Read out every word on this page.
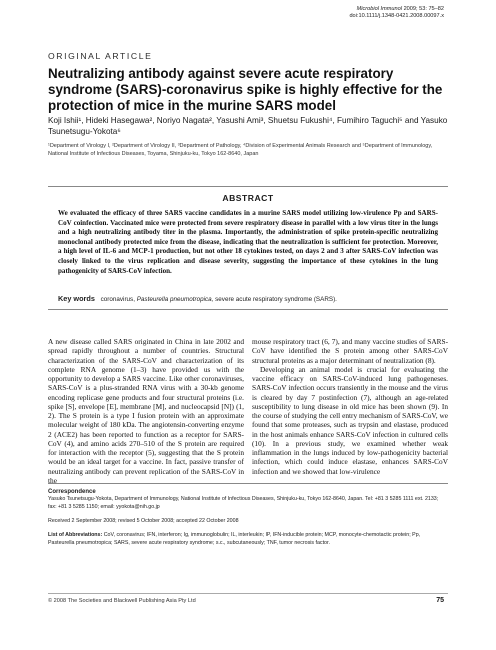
Microbiol Immunol 2009; 53: 75–82
doi:10.1111/j.1348-0421.2008.00097.x
ORIGINAL ARTICLE
Neutralizing antibody against severe acute respiratory syndrome (SARS)-coronavirus spike is highly effective for the protection of mice in the murine SARS model
Koji Ishii¹, Hideki Hasegawa², Noriyo Nagata², Yasushi Ami³, Shuetsu Fukushi⁴, Fumihiro Taguchi⁵ and Yasuko Tsunetsugu-Yokota⁶
¹Department of Virology I, ²Department of Virology II, ³Department of Pathology, ⁴Division of Experimental Animals Research and ⁵Department of Immunology, National Institute of Infectious Diseases, Toyama, Shinjuku-ku, Tokyo 162-8640, Japan
ABSTRACT
We evaluated the efficacy of three SARS vaccine candidates in a murine SARS model utilizing low-virulence Pp and SARS-CoV coinfection. Vaccinated mice were protected from severe respiratory disease in parallel with a low virus titer in the lungs and a high neutralizing antibody titer in the plasma. Importantly, the administration of spike protein-specific neutralizing monoclonal antibody protected mice from the disease, indicating that the neutralization is sufficient for protection. Moreover, a high level of IL-6 and MCP-1 production, but not other 18 cytokines tested, on days 2 and 3 after SARS-CoV infection was closely linked to the virus replication and disease severity, suggesting the importance of these cytokines in the lung pathogenicity of SARS-CoV infection.
Key words coronavirus, Pasteurella pneumotropica, severe acute respiratory syndrome (SARS).

A new disease called SARS originated in China in late 2002 and spread rapidly throughout a number of countries. Structural characterization of the SARS-CoV and characterization of its complete RNA genome (1–3) have provided us with the opportunity to develop a SARS vaccine. Like other coronaviruses, SARS-CoV is a plus-stranded RNA virus with a 30-kb genome encoding replicase gene products and four structural proteins (i.e. spike [S], envelope [E], membrane [M], and nucleocapsid [N]) (1, 2). The S protein is a type I fusion protein with an approximate molecular weight of 180 kDa. The angiotensin-converting enzyme 2 (ACE2) has been reported to function as a receptor for SARS-CoV (4), and amino acids 270–510 of the S protein are required for interaction with the receptor (5), suggesting that the S protein would be an ideal target for a vaccine. In fact, passive transfer of neutralizing antibody can prevent replication of the SARS-CoV in the

mouse respiratory tract (6, 7), and many vaccine studies of SARS-CoV have identified the S protein among other SARS-CoV structural proteins as a major determinant of neutralization (8).

Developing an animal model is crucial for evaluating the vaccine efficacy on SARS-CoV-induced lung pathogeneses. SARS-CoV infection occurs transiently in the mouse and the virus is cleared by day 7 postinfection (7), although an age-related susceptibility to lung disease in old mice has been shown (9). In the course of studying the cell entry mechanism of SARS-CoV, we found that some proteases, such as trypsin and elastase, produced in the host animals enhance SARS-CoV infection in cultured cells (10). In a previous study, we examined whether weak inflammation in the lungs induced by low-pathogenicity bacterial infection, which could induce elastase, enhances SARS-CoV infection and we showed that low-virulence

Correspondence
Yasuko Tsunetsugu-Yokota, Department of Immunology, National Institute of Infectious Diseases, Shinjuku-ku, Tokyo 162-8640, Japan. Tel: +81 3 5285 1111 ext. 2133; fax: +81 3 5285 1150; email: yyokota@nih.go.jp
Received 2 September 2008; revised 5 October 2008; accepted 22 October 2008
List of Abbreviations: CoV, coronavirus; IFN, interferon; Ig, immunoglobulin; IL, interleukin; IP, IFN-inducible protein; MCP, monocyte-chemotactic protein; Pp, Pasteurella pneumotropica; SARS, severe acute respiratory syndrome; s.c., subcutaneously; TNF, tumor necrosis factor.
© 2008 The Societies and Blackwell Publishing Asia Pty Ltd	75
